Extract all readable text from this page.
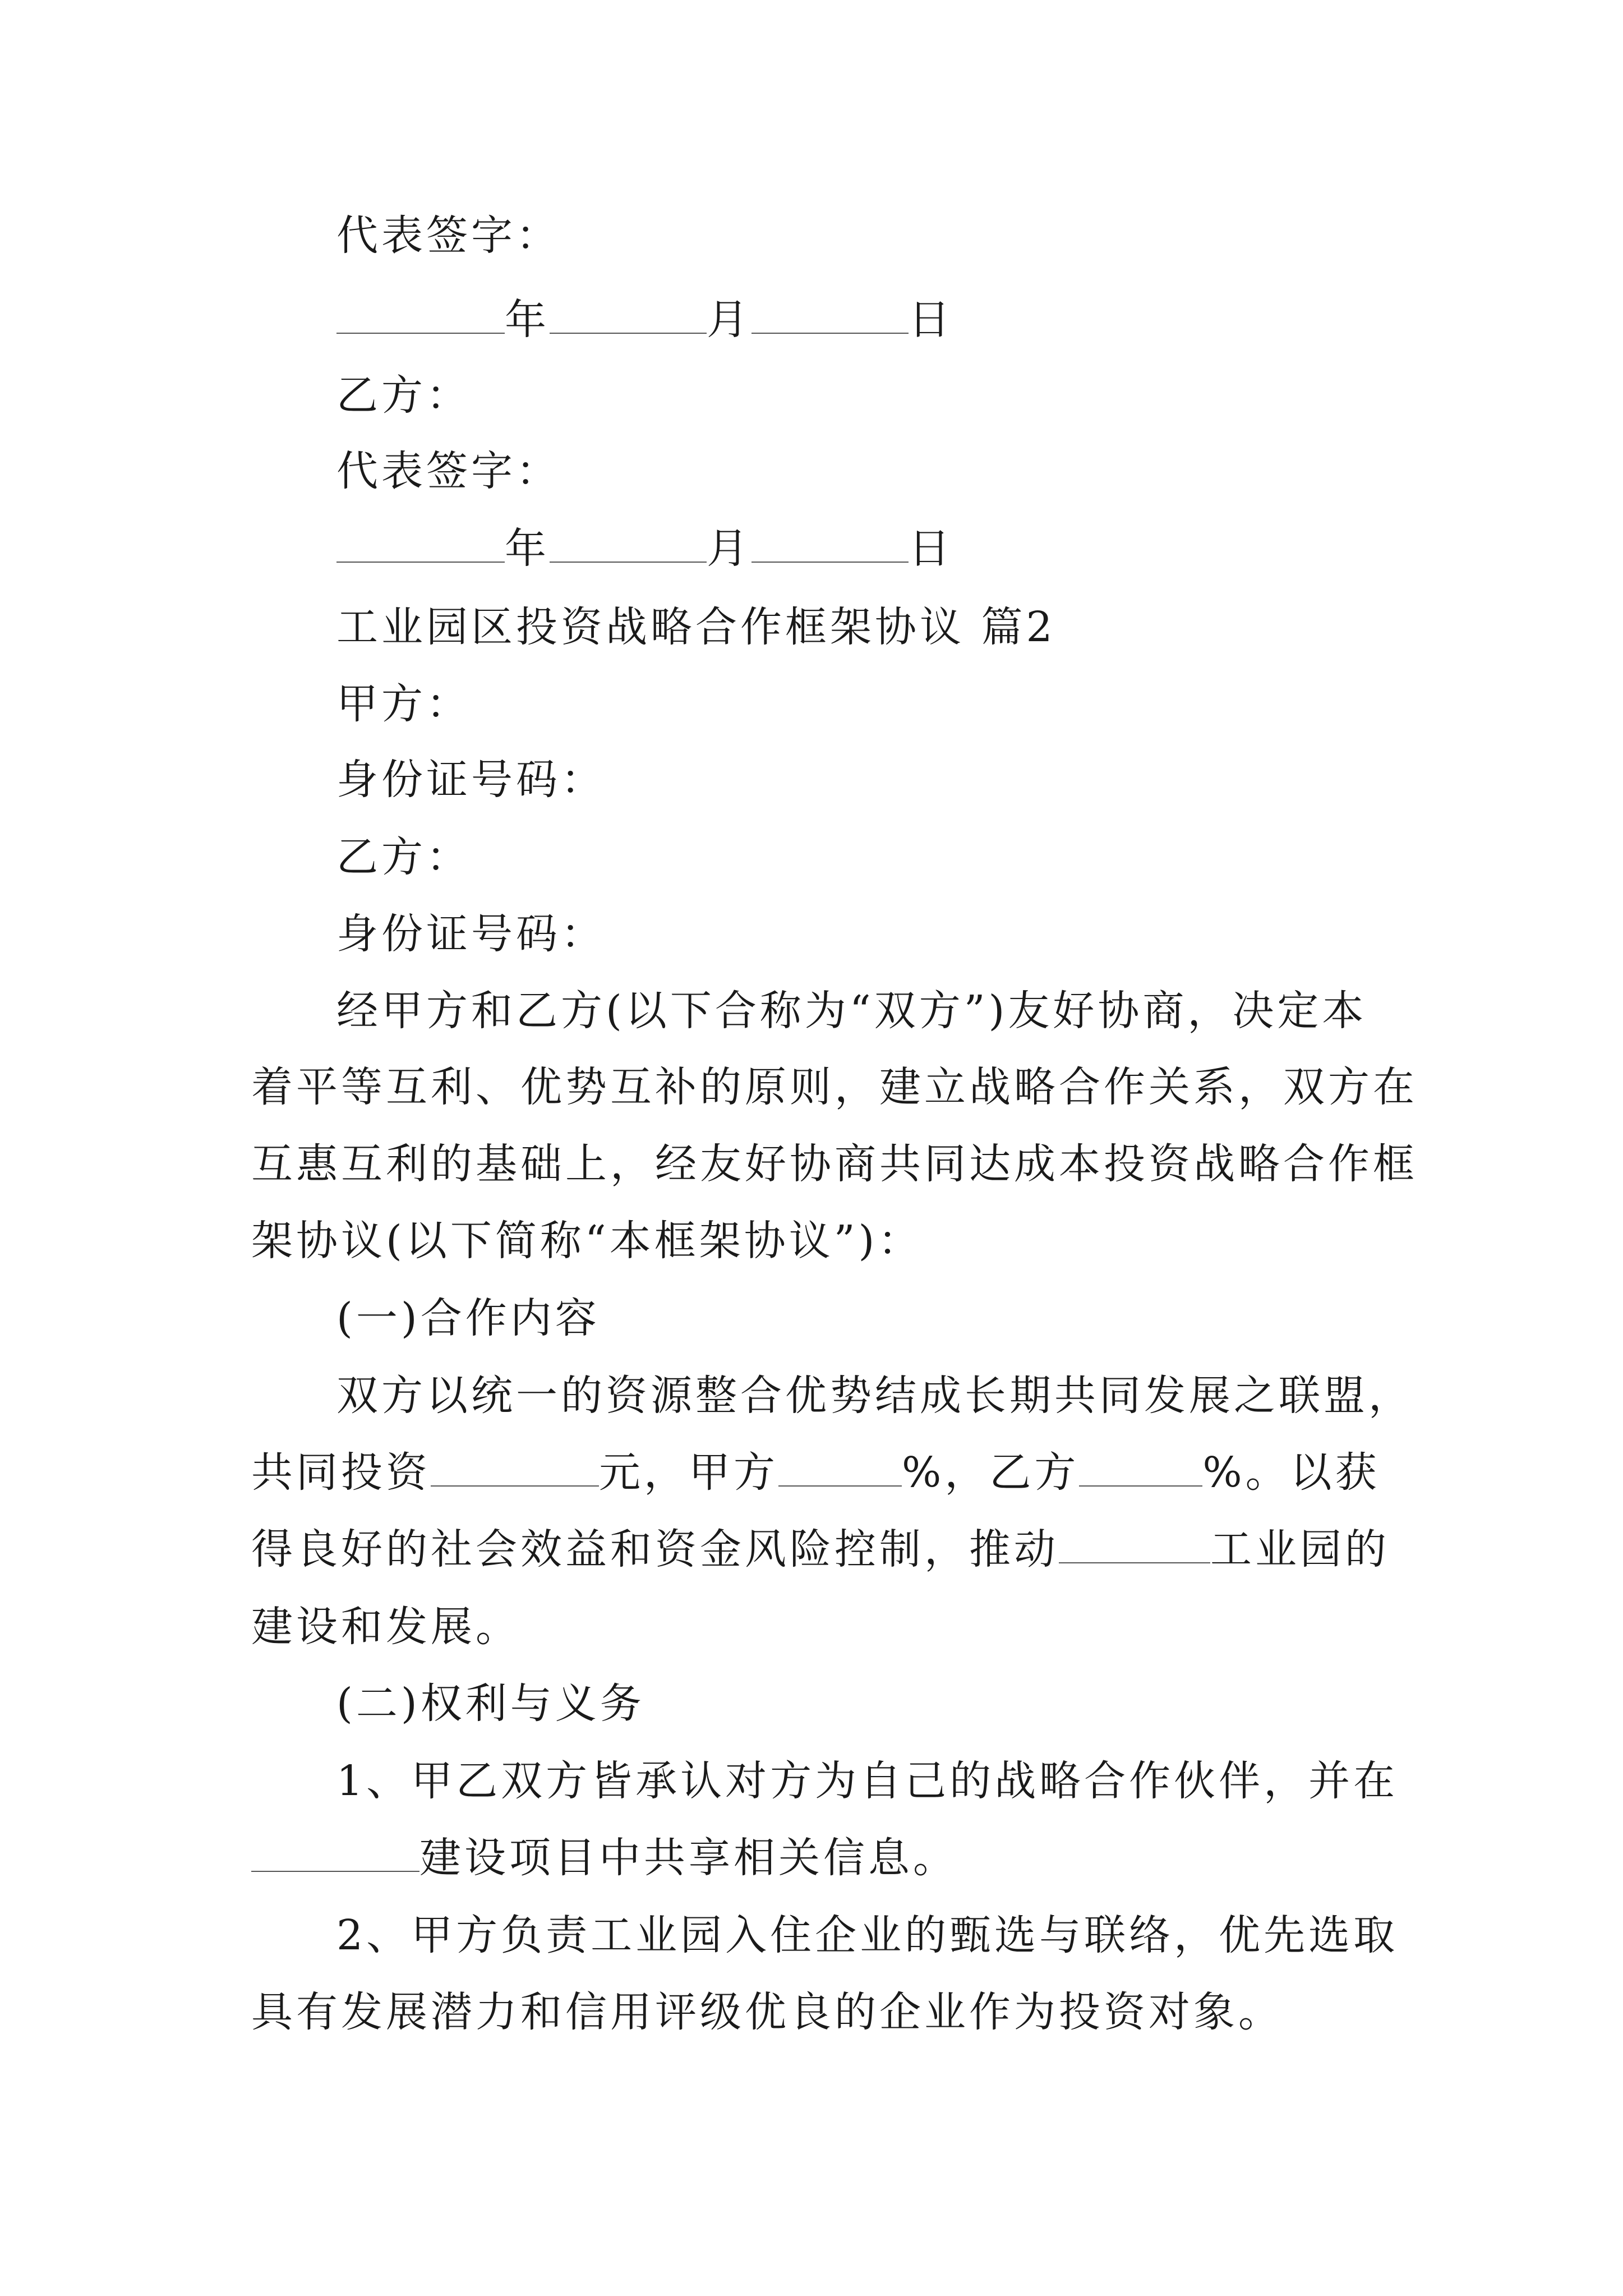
代表签字：
年	月	日
乙方：
代表签字：
年	月	日
工业园区投资战略合作框架协议 篇2
甲方：
身份证号码：
乙方：
身份证号码：
经甲方和乙方(以下合称为“双方”)友好协商，决定本
着平等互利、优势互补的原则，建立战略合作关系，双方在
互惠互利的基础上，经友好协商共同达成本投资战略合作框
架协议(以下简称“本框架协议”)：
(一)合作内容
双方以统一的资源整合优势结成长期共同发展之联盟，
共同投资	元，甲方	%，乙方	%。以获
得良好的社会效益和资金风险控制，推动	工业园的
建设和发展。
(二)权利与义务
1、甲乙双方皆承认对方为自己的战略合作伙伴，并在
建设项目中共享相关信息。
2、甲方负责工业园入住企业的甄选与联络，优先选取
具有发展潜力和信用评级优良的企业作为投资对象。
